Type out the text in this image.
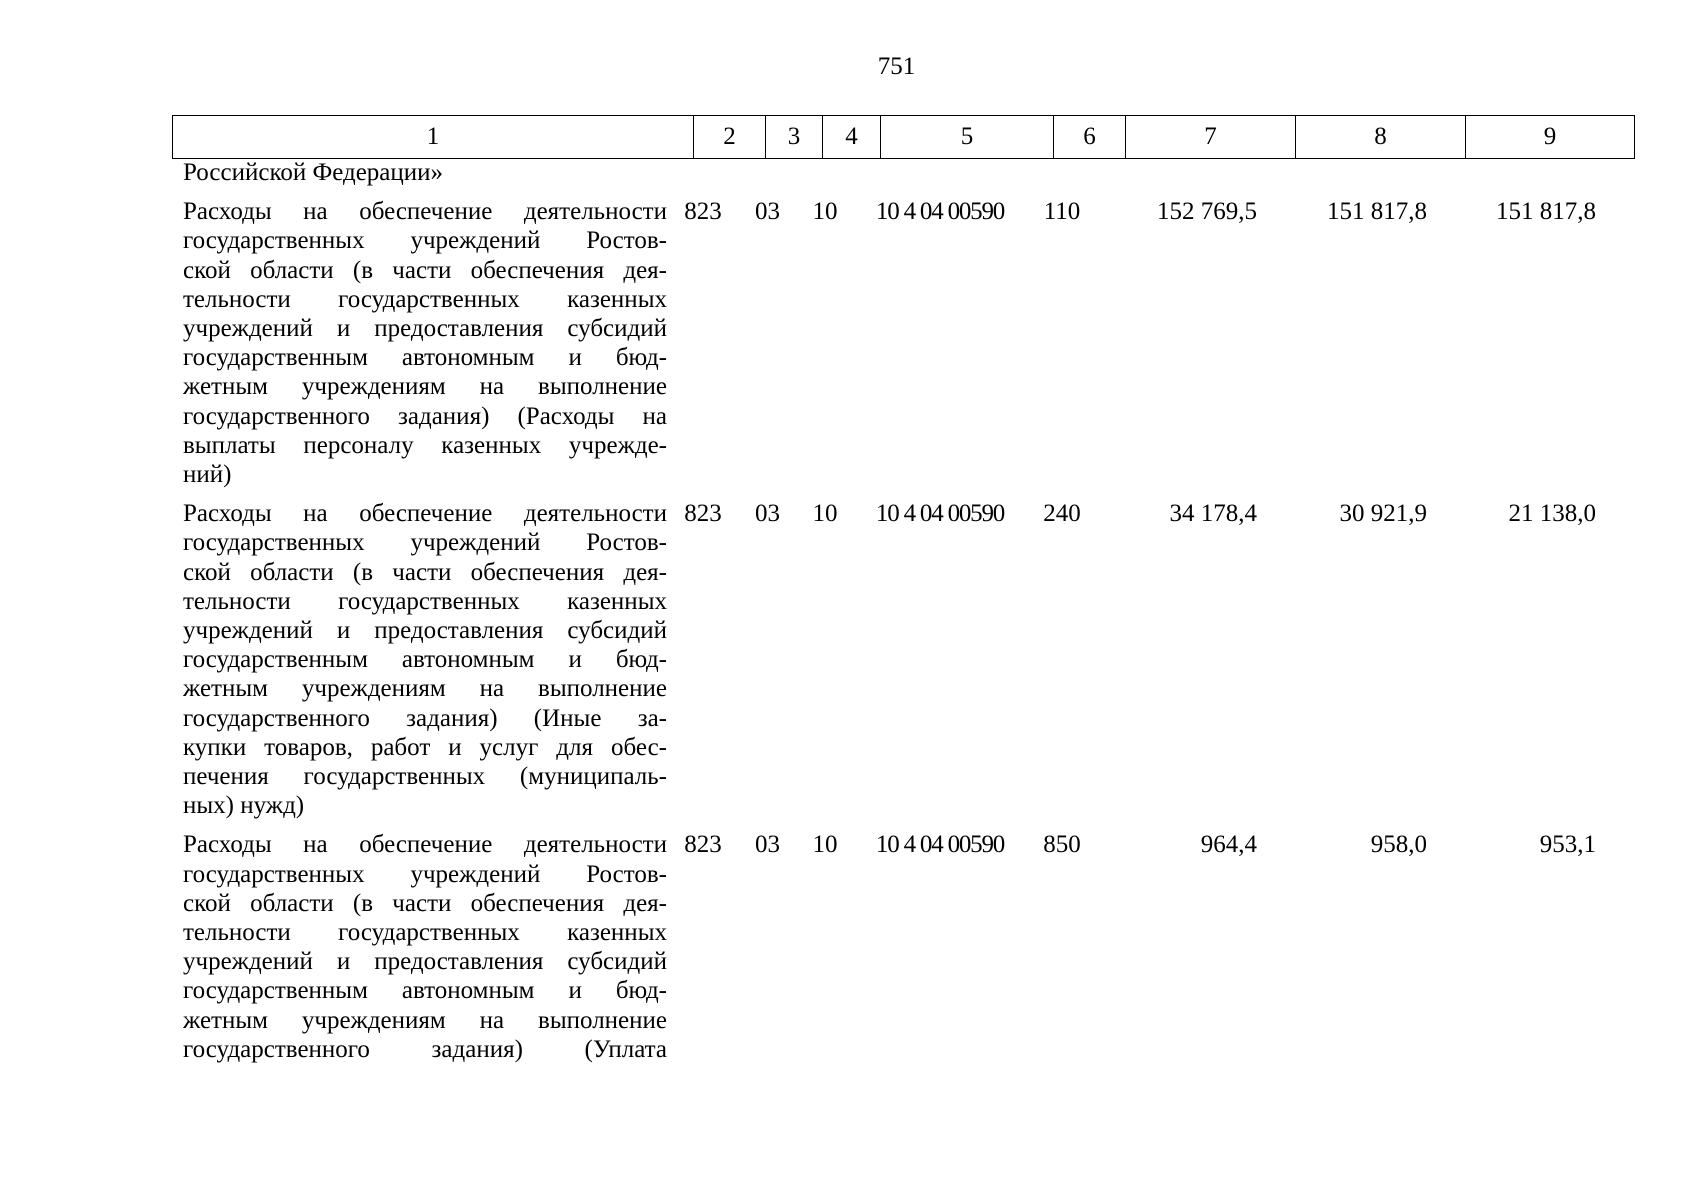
751
1	2	3	4	5	6	7	8	9
Российской Федерации»
Расходы на обеспечение деятельности
государственных учреждений Ростов-
ской области (в части обеспечения дея-
тельности государственных казенных
учреждений и предоставления субсидий
государственным автономным и бюд-
жетным учреждениям на выполнение
государственного задания) (Расходы на
выплаты персоналу казенных учрежде-
ний)
823	03	10	10 4 04 00590	110	152 769,5	151 817,8	151 817,8
Расходы на обеспечение деятельности
государственных учреждений Ростов-
ской области (в части обеспечения дея-
тельности государственных казенных
учреждений и предоставления субсидий
государственным автономным и бюд-
жетным учреждениям на выполнение
государственного задания) (Иные за-
купки товаров, работ и услуг для обес-
печения государственных (муниципаль-
ных) нужд)
823	03	10	10 4 04 00590	240	34 178,4	30 921,9	21 138,0
Расходы на обеспечение деятельности
государственных учреждений Ростов-
ской области (в части обеспечения дея-
тельности государственных казенных
учреждений и предоставления субсидий
государственным автономным и бюд-
жетным учреждениям на выполнение
государственного задания) (Уплата
823	03	10	10 4 04 00590	850	964,4	958,0	953,1
